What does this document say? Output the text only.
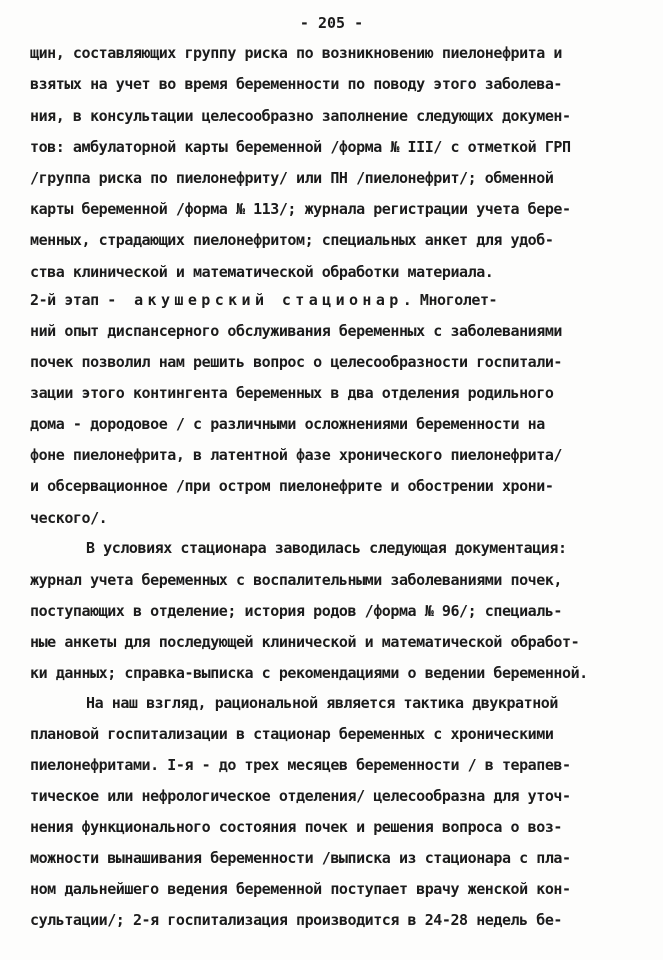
- 205 -
щин, составляющих группу риска по возникновению пиелонефрита и
взятых на учет во время беременности по поводу этого заболева-
ния, в консультации целесообразно заполнение следующих докумен-
тов: амбулаторной карты беременной /форма № III/ с отметкой ГРП
/группа риска по пиелонефриту/ или ПН /пиелонефрит/; обменной
карты беременной /форма № 113/; журнала регистрации учета бере-
менных, страдающих пиелонефритом; специальных анкет для удоб-
ства клинической и математической обработки материала.
2-й этап - акушерский стационар. Многолет-
ний опыт диспансерного обслуживания беременных с заболеваниями
почек позволил нам решить вопрос о целесообразности госпитали-
зации этого контингента беременных в два отделения родильного
дома - дородовое / с различными осложнениями беременности на
фоне пиелонефрита, в латентной фазе хронического пиелонефрита/
и обсервационное /при остром пиелонефрите и обострении хрони-
ческого/.
В условиях стационара заводилась следующая документация:
журнал учета беременных с воспалительными заболеваниями почек,
поступающих в отделение; история родов /форма № 96/; специаль-
ные анкеты для последующей клинической и математической обработ-
ки данных; справка-выписка с рекомендациями о ведении беременной.
На наш взгляд, рациональной является тактика двукратной
плановой госпитализации в стационар беременных с хроническими
пиелонефритами. I-я - до трех месяцев беременности / в терапев-
тическое или нефрологическое отделения/ целесообразна для уточ-
нения функционального состояния почек и решения вопроса о воз-
можности вынашивания беременности /выписка из стационара с пла-
ном дальнейшего ведения беременной поступает врачу женской кон-
сультации/; 2-я госпитализация производится в 24-28 недель бе-
